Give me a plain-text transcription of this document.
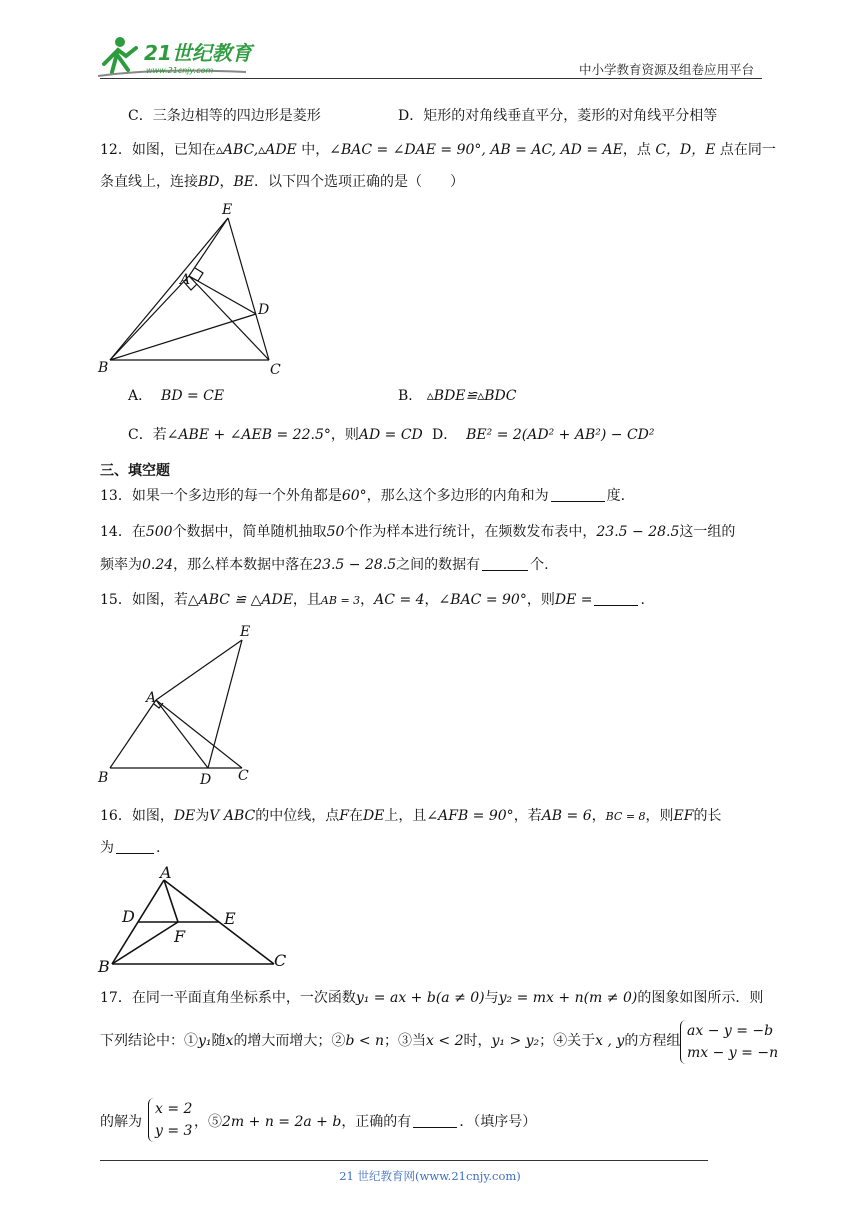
21世纪教育
www.21cnjy.com	中小学教育资源及组卷应用平台
C．三条边相等的四边形是菱形	D．矩形的对角线垂直平分，菱形的对角线平分相等
12．如图，已知在▵ABC,▵ADE 中，∠BAC = ∠DAE = 90°, AB = AC, AD = AE，点 C，D，E 点在同一
条直线上，连接BD，BE．以下四个选项正确的是（　　）
E
A
D
B	C
A． BD = CE	B． ▵BDE≌▵BDC
C．若∠ABE + ∠AEB = 22.5°，则AD = CD D． BE² = 2(AD² + AB²) − CD²
三、填空题
13．如果一个多边形的每一个外角都是60°，那么这个多边形的内角和为	度.
14．在500个数据中，简单随机抽取50个作为样本进行统计，在频数发布表中，23.5 − 28.5这一组的
频率为0.24，那么样本数据中落在23.5 − 28.5之间的数据有	个.
15．如图，若△ABC ≌ △ADE，且AB = 3，AC = 4，∠BAC = 90°，则DE =	.
E
A
B	D C
16．如图，DE为V ABC的中位线，点F在DE上，且∠AFB = 90°，若AB = 6，BC = 8，则EF的长
为	.
A
D	E
F
B	C
17．在同一平面直角坐标系中，一次函数y₁ = ax + b(a ≠ 0)与y₂ = mx + n(m ≠ 0)的图象如图所示．则
下列结论中：①y₁随x的增大而增大；②b < n；③当x < 2时，y₁ > y₂；④关于x , y的方程组
ax − y = −b
mx − y = −n
的解为
x = 2
y = 3
，⑤2m + n = 2a + b，正确的有	．（填序号）
21 世纪教育网(www.21cnjy.com)
